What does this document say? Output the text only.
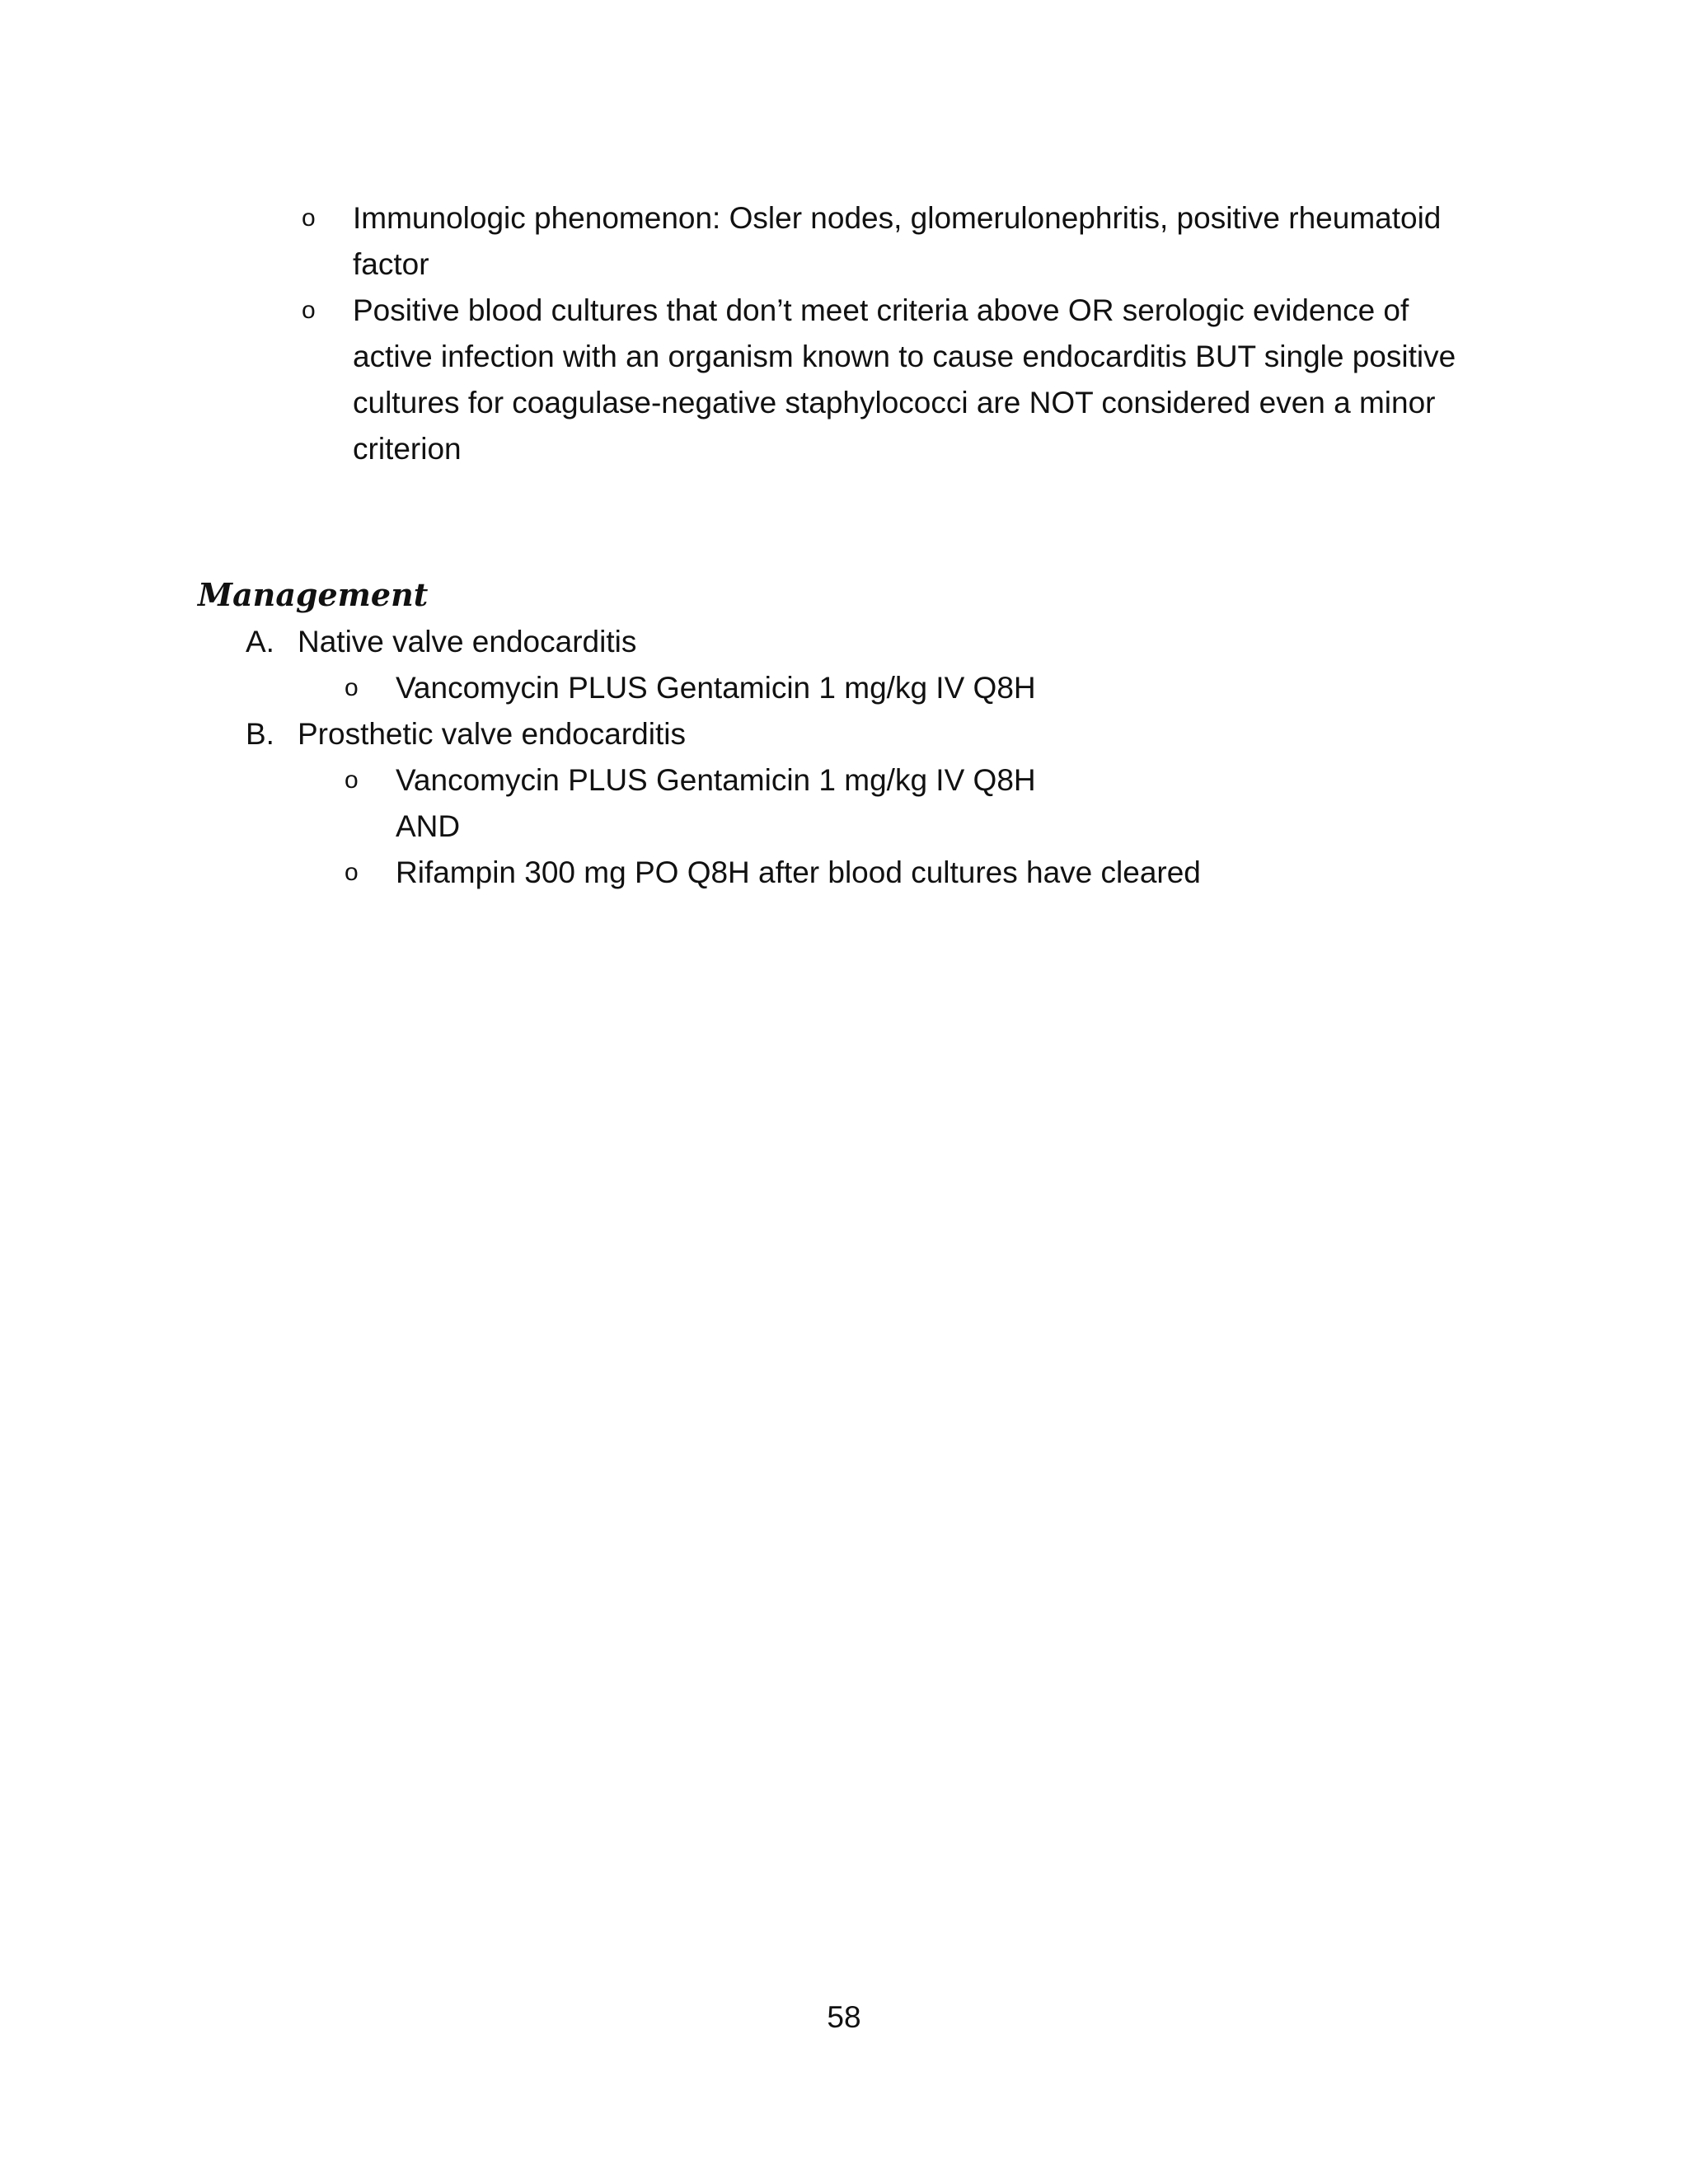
o Immunologic phenomenon: Osler nodes, glomerulonephritis, positive rheumatoid
factor
o Positive blood cultures that don’t meet criteria above OR serologic evidence of
active infection with an organism known to cause endocarditis BUT single positive
cultures for coagulase-negative staphylococci are NOT considered even a minor
criterion
Management
A. Native valve endocarditis
o Vancomycin PLUS Gentamicin 1 mg/kg IV Q8H
B. Prosthetic valve endocarditis
o Vancomycin PLUS Gentamicin 1 mg/kg IV Q8H
AND
o Rifampin 300 mg PO Q8H after blood cultures have cleared
58
